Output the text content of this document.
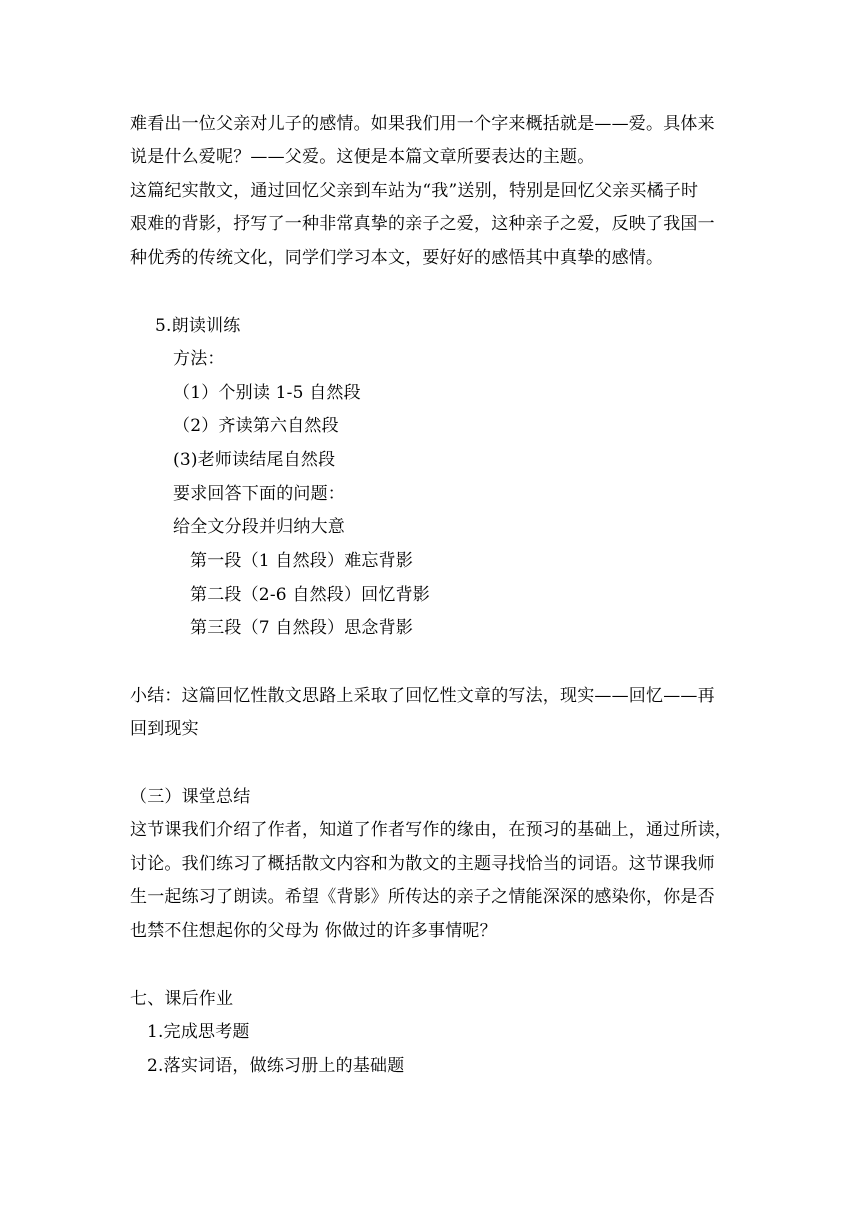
难看出一位父亲对儿子的感情。如果我们用一个字来概括就是——爱。具体来
说是什么爱呢？——父爱。这便是本篇文章所要表达的主题。
这篇纪实散文，通过回忆父亲到车站为“我”送别，特别是回忆父亲买橘子时
艰难的背影，抒写了一种非常真挚的亲子之爱，这种亲子之爱，反映了我国一
种优秀的传统文化，同学们学习本文，要好好的感悟其中真挚的感情。
5.朗读训练
方法：
（1）个别读 1-5 自然段
（2）齐读第六自然段
(3)老师读结尾自然段
要求回答下面的问题：
给全文分段并归纳大意
第一段（1 自然段）难忘背影
第二段（2-6 自然段）回忆背影
第三段（7 自然段）思念背影
小结：这篇回忆性散文思路上采取了回忆性文章的写法，现实——回忆——再
回到现实
（三）课堂总结
这节课我们介绍了作者，知道了作者写作的缘由，在预习的基础上，通过所读，
讨论。我们练习了概括散文内容和为散文的主题寻找恰当的词语。这节课我师
生一起练习了朗读。希望《背影》所传达的亲子之情能深深的感染你，你是否
也禁不住想起你的父母为 你做过的许多事情呢？
七、课后作业
1.完成思考题
2.落实词语，做练习册上的基础题
